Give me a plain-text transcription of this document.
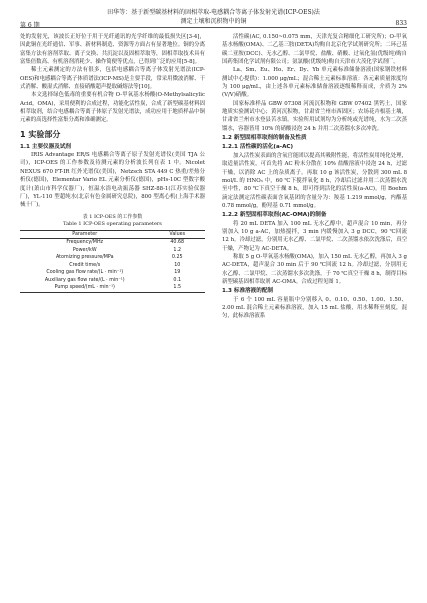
田华等：基于新型碳基材料的固相萃取-电感耦合等离子体发射光谱(ICP-OES)法
测定土壤和沉积物中的铜
第 6 期	833

处的发射光，该波长正好位于用于光纤通讯的光学纤维的最低损失区[3-4]，因此铜在光纤通信、军事、新材料制造、资源等方面占有显著地位。铜的分离富集方法有溶剂萃取、离子交换、共沉淀以及固相萃取等，固相萃取技术具有富集倍数高、有机溶剂消耗少、操作简便等优点，已得到广泛的应用[5-8]。

稀土元素测定的方法有很多，包括电感耦合等离子体发射光谱法(ICP-OES)和电感耦合等离子体质谱法(ICP-MS)是主要手段，常采用微波消解、干式消解、酸湿式消解、直接硝酸超声提取碱熔法等[10]。

本文选择绿色低毒的重要有机合物 O-甲氧基水杨酸(O-Methylsalicylic Acid，OMA)，采用便利的合成过程，功能化活性炭，合成了新型碳基材料固相萃取剂，结合电感耦合等离子体原子发射光谱法，成功应用于地质样品中铜元素的高选择性富集分离和准确测定。

1 实验部分
1.1 主要仪器及试剂

IRIS Advantage ER/S 电感耦合等离子原子发射光谱仪(美国 TJA 公司)，ICP-OES 的工作参数及待测元素的分析波长列在表 1 中。Nicolet NEXUS 670 FT-IR 红外光谱仪(美国)，Netzsch STA 449 C 热重/差热分析仪(德国)，Elementar Vario EL 元素分析仪(德国)，pHs-10C 型数字酸度计(萧山市科学仪器厂)，恒温水浴电动振荡器 SHZ-88-1(江苏实验仪器厂)，YL-110 型超纯水(北京有色金属研究总院)，800 型离心机(上海手术器械十厂)。

表 1 ICP-OES 的工作参数
Table 1 ICP-OES operating parameters
Parameter	Values
Frequency/MHz	40.68
Power/kW	1.2
Atomizing pressure/MPa	0.25
Credit time/s	10
Cooling gas flow rate/(L · min⁻¹)	19
Auxiliary gas flow rate/(L · min⁻¹)	0.1
Pump speed/(mL · min⁻¹)	1.5

活性碳(AC, 0.150~0.075 mm，天津光复合精细化工研究所)；O-甲氧基水杨酸(OMA)、二乙基三胺(DETA)均购自北京化学试剂研究所；二环己基碳二亚胺(DCC)、无水乙醇、二氯甲烷、盐酸、硝酸、过氧化氢(优级纯)购自国药集团化学试剂有限公司；氨氯酸(优级纯)购自天津市大茂化学试剂厂。

La、Sm、Eu、Ho、Er、Dy、Yb 单元素标准储备溶液(国家钢铁材料测试中心提供)：1.000 μg/mL；混合稀土元素标准溶液：各元素质量浓度均为 100 μg/mL，由上述各单元素标准储备溶液逐级稀释而成，介质为 2%(V/V)硝酸。

国家标准样品 GBW 07308 河流沉积物和 GBW 07402 黑钙土，国家地质实验测试中心；黄河沉积物，甘肃省兰州市西固区；农场花卉根基土壤，甘肃省兰州市水登县苦水镇。实验所用试剂均为分析纯或光谱纯，水为二次蒸馏水，容器皆用 10% 的硝酸浸泡 24 h 并用二次蒸馏水多次冲洗。

1.2 新型固相萃取剂的制备及性质
1.2.1 活性碳的活化(a-AC)

加入活性炭表面的含氧官能团以提高其吸附性能，将活性炭用纯化处理，取适量活性炭，可首先将 AC 粉末分散在 10% 盐酸溶液中浸泡 24 h，过滤干燥，以消除 AC 上的杂质离子。再取 10 g 该活性炭，分散到 300 mL 8 mol/L 的 HNO₃ 中，60 ℃下搅拌氧化 8 h，冷却后过滤并用二次蒸馏水洗至中性，80 ℃下真空干燥 8 h，即可得到活化的活性炭(a-AC)。用 Boehm 滴定法测定活性碳表面含氧基团的含量分为：羧基 1.219 mmol/g，内酯基 0.78 mmol/g，酚羟基 0.71 mmol/g。

1.2.2 新型固相萃取剂(AC-OMA)的制备

将 20 mL DETA 加入 100 mL 无水乙醇中，超声混合 10 min，再分别加入 10 g a-AC，加热搅拌，3 min 内缓慢加入 3 g DCC，90 ℃回流 12 h。冷却过滤，分别用无水乙醇、二氯甲烷、二次蒸馏水依次洗涤后，真空干燥，产物记为 AC-DETA。

称取 5 g O-甲氧基水杨酸(OMA)，加入 150 mL 无水乙醇，再加入 3 g AC-DETA，超声混合 30 min 后于 90 ℃回流 12 h。冷却过滤，分别用无水乙醇、二氯甲烷、二次蒸馏水多次洗涤，于 70 ℃真空干燥 8 h，制得目标新型碳基固相萃取剂 AC-OMA。合成过程见图 1。

1.3 标准溶液的配制

于 6 个 100 mL 容量瓶中分别移入 0、0.10、0.50、1.00、1.50、2.00 mL 混合稀土元素标准溶液，加入 15 mL 盐酸，用水稀释至刻度，混匀，此标准溶液系
